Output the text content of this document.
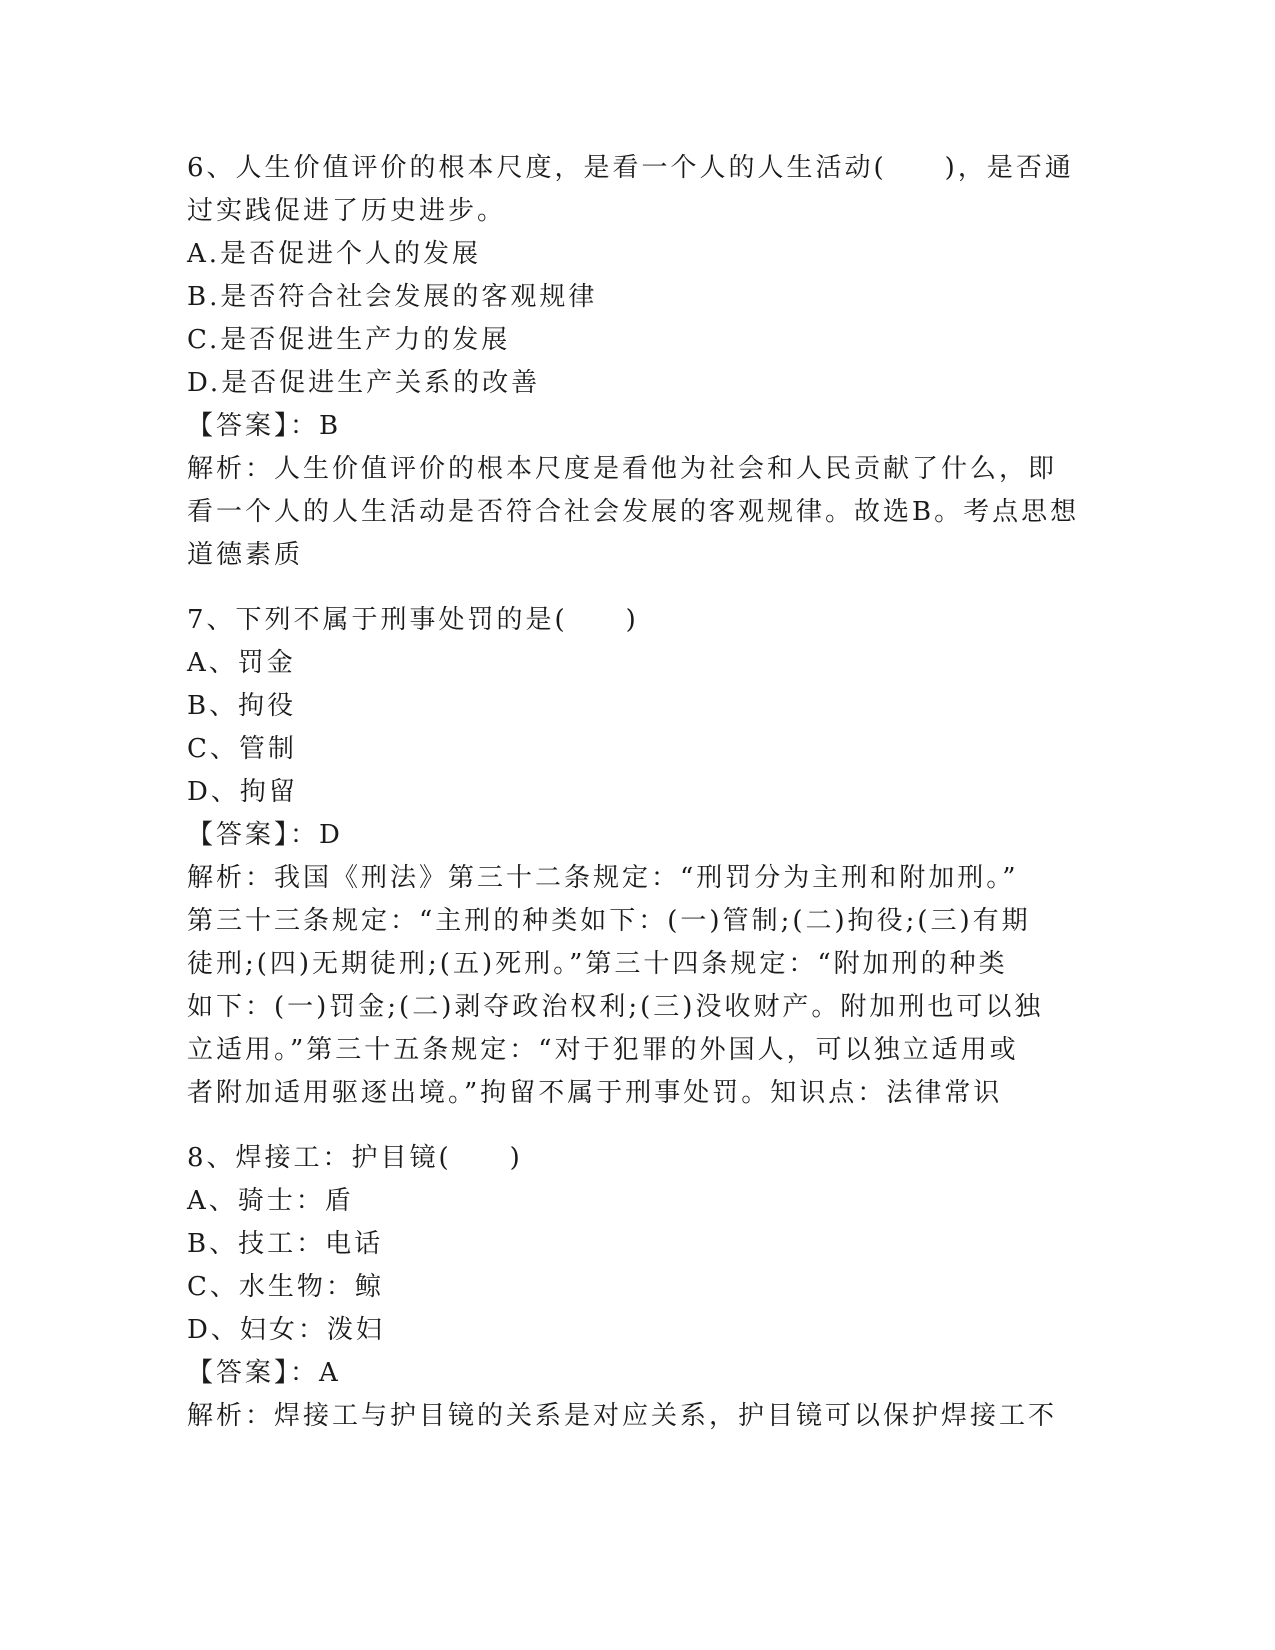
6、人生价值评价的根本尺度，是看一个人的人生活动(　　)，是否通
过实践促进了历史进步。
A.是否促进个人的发展
B.是否符合社会发展的客观规律
C.是否促进生产力的发展
D.是否促进生产关系的改善
【答案】：B
解析：人生价值评价的根本尺度是看他为社会和人民贡献了什么，即
看一个人的人生活动是否符合社会发展的客观规律。故选B。考点思想
道德素质
7、下列不属于刑事处罚的是(　　)
A、罚金
B、拘役
C、管制
D、拘留
【答案】：D
解析：我国《刑法》第三十二条规定：“刑罚分为主刑和附加刑。”
第三十三条规定：“主刑的种类如下：(一)管制;(二)拘役;(三)有期
徒刑;(四)无期徒刑;(五)死刑。”第三十四条规定：“附加刑的种类
如下：(一)罚金;(二)剥夺政治权利;(三)没收财产。附加刑也可以独
立适用。”第三十五条规定：“对于犯罪的外国人，可以独立适用或
者附加适用驱逐出境。”拘留不属于刑事处罚。知识点：法律常识
8、焊接工：护目镜(　　)
A、骑士：盾
B、技工：电话
C、水生物：鲸
D、妇女：泼妇
【答案】：A
解析：焊接工与护目镜的关系是对应关系，护目镜可以保护焊接工不
